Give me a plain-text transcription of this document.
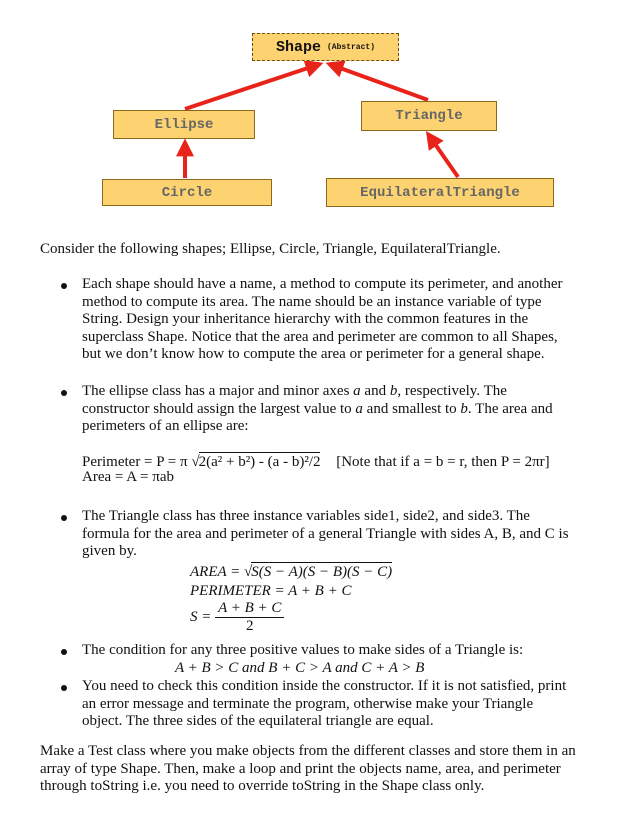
Shape (Abstract)
Ellipse
Triangle
Circle	EquilateralTriangle
Consider the following shapes; Ellipse, Circle, Triangle, EquilateralTriangle.
Each shape should have a name, a method to compute its perimeter, and another
method to compute its area. The name should be an instance variable of type
String. Design your inheritance hierarchy with the common features in the
superclass Shape. Notice that the area and perimeter are common to all Shapes,
but we don’t know how to compute the area or perimeter for a general shape.
The ellipse class has a major and minor axes a and b, respectively. The
constructor should assign the largest value to a and smallest to b. The area and
perimeters of an ellipse are:
Perimeter = P = π √2(a² + b²) - (a - b)²/2 [Note that if a = b = r, then P = 2πr]
Area = A = πab
The Triangle class has three instance variables side1, side2, and side3. The
formula for the area and perimeter of a general Triangle with sides A, B, and C is
given by.
AREA = √S(S − A)(S − B)(S − C)
PERIMETER = A + B + C
$S = \frac{A + B + C}{2}$
The condition for any three positive values to make sides of a Triangle is:
A + B > C and B + C > A and C + A > B
You need to check this condition inside the constructor. If it is not satisfied, print
an error message and terminate the program, otherwise make your Triangle
object. The three sides of the equilateral triangle are equal.
Make a Test class where you make objects from the different classes and store them in an
array of type Shape. Then, make a loop and print the objects name, area, and perimeter
through toString i.e. you need to override toString in the Shape class only.
